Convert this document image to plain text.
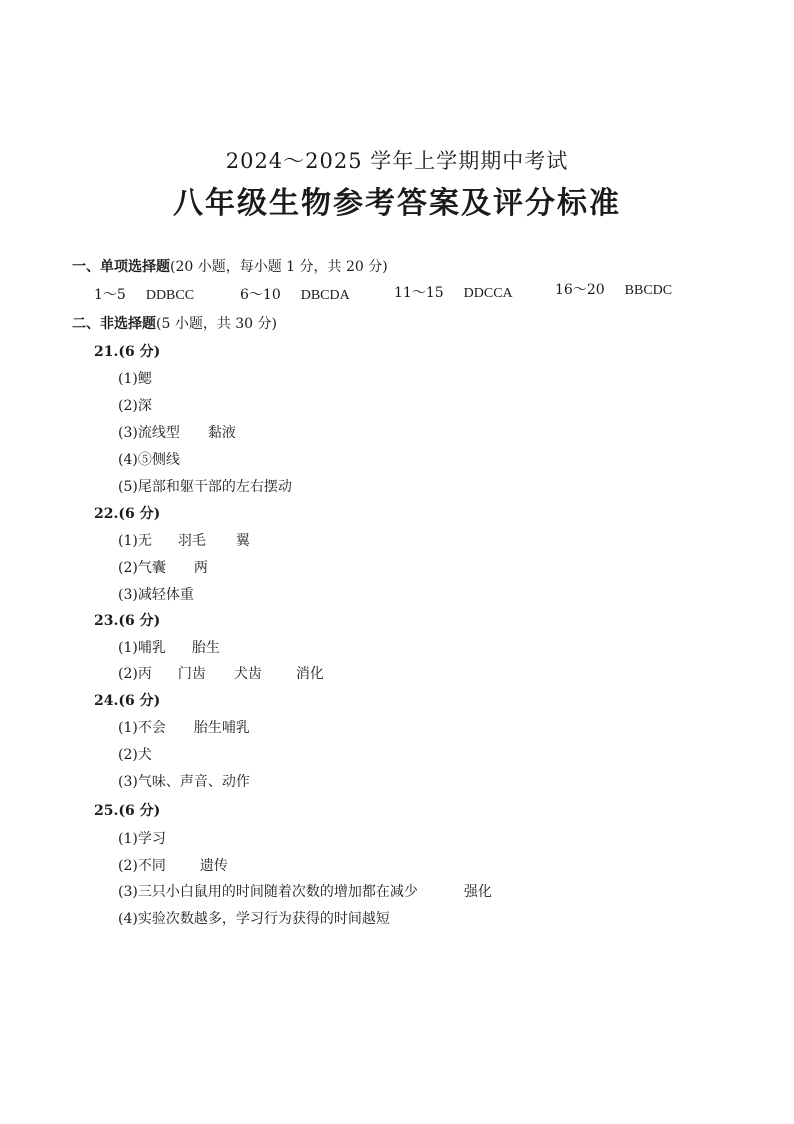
2024～2025 学年上学期期中考试
八年级生物参考答案及评分标准
一、单项选择题(20 小题，每小题 1 分，共 20 分)
1～5 DDBCC	6～10 DBCDA	11～15 DDCCA	16～20 BBCDC
二、非选择题(5 小题，共 30 分)
21.(6 分)
(1)鳃
(2)深
(3)流线型 黏液
(4)⑤侧线
(5)尾部和躯干部的左右摆动
22.(6 分)
(1)无 羽毛 翼
(2)气囊 两
(3)减轻体重
23.(6 分)
(1)哺乳 胎生
(2)丙 门齿 犬齿 消化
24.(6 分)
(1)不会 胎生哺乳
(2)犬
(3)气味、声音、动作
25.(6 分)
(1)学习
(2)不同 遗传
(3)三只小白鼠用的时间随着次数的增加都在减少	强化
(4)实验次数越多，学习行为获得的时间越短
